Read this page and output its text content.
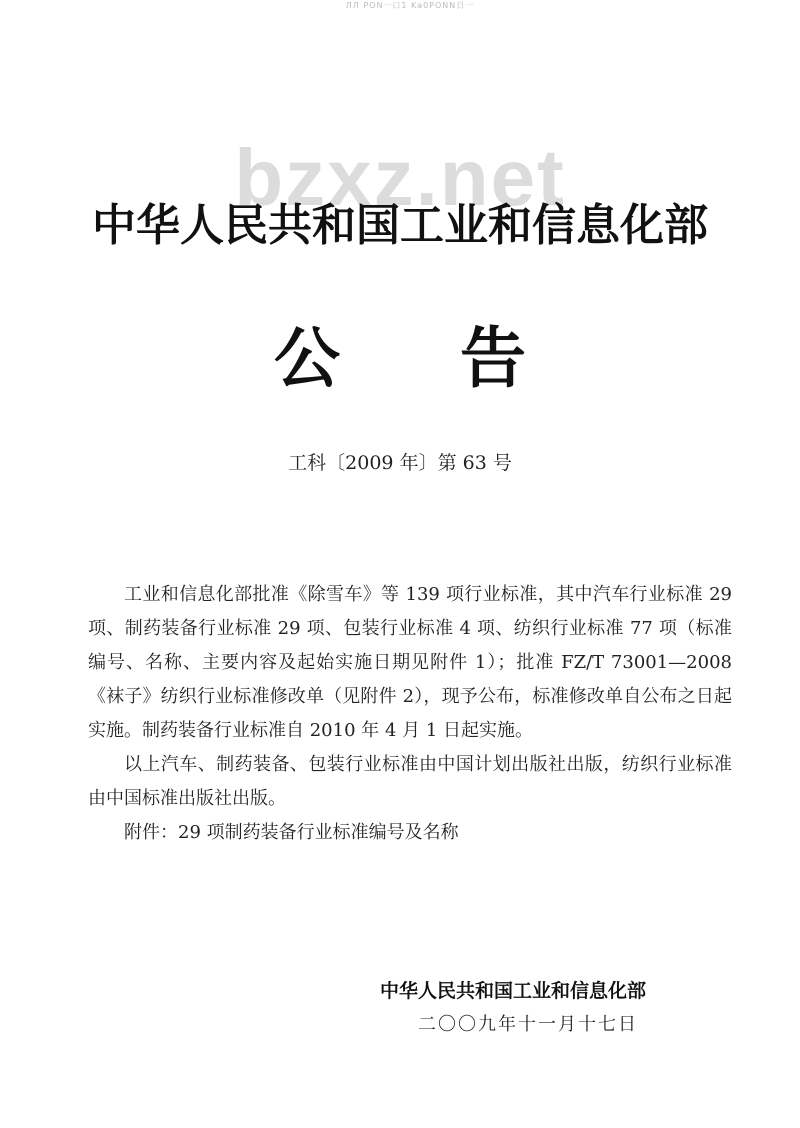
ЛЛ PON一口1 Ka0PONN日一
bzxz.net
中华人民共和国工业和信息化部
公 告
工科〔2009 年〕第 63 号

工业和信息化部批准《除雪车》等 139 项行业标准，其中汽车行业标准 29 项、制药装备行业标准 29 项、包装行业标准 4 项、纺织行业标准 77 项（标准编号、名称、主要内容及起始实施日期见附件 1）；批准 FZ/T 73001—2008《袜子》纺织行业标准修改单（见附件 2），现予公布，标准修改单自公布之日起实施。制药装备行业标准自 2010 年 4 月 1 日起实施。

以上汽车、制药装备、包装行业标准由中国计划出版社出版，纺织行业标准由中国标准出版社出版。

附件：29 项制药装备行业标准编号及名称

中华人民共和国工业和信息化部
二〇〇九年十一月十七日
